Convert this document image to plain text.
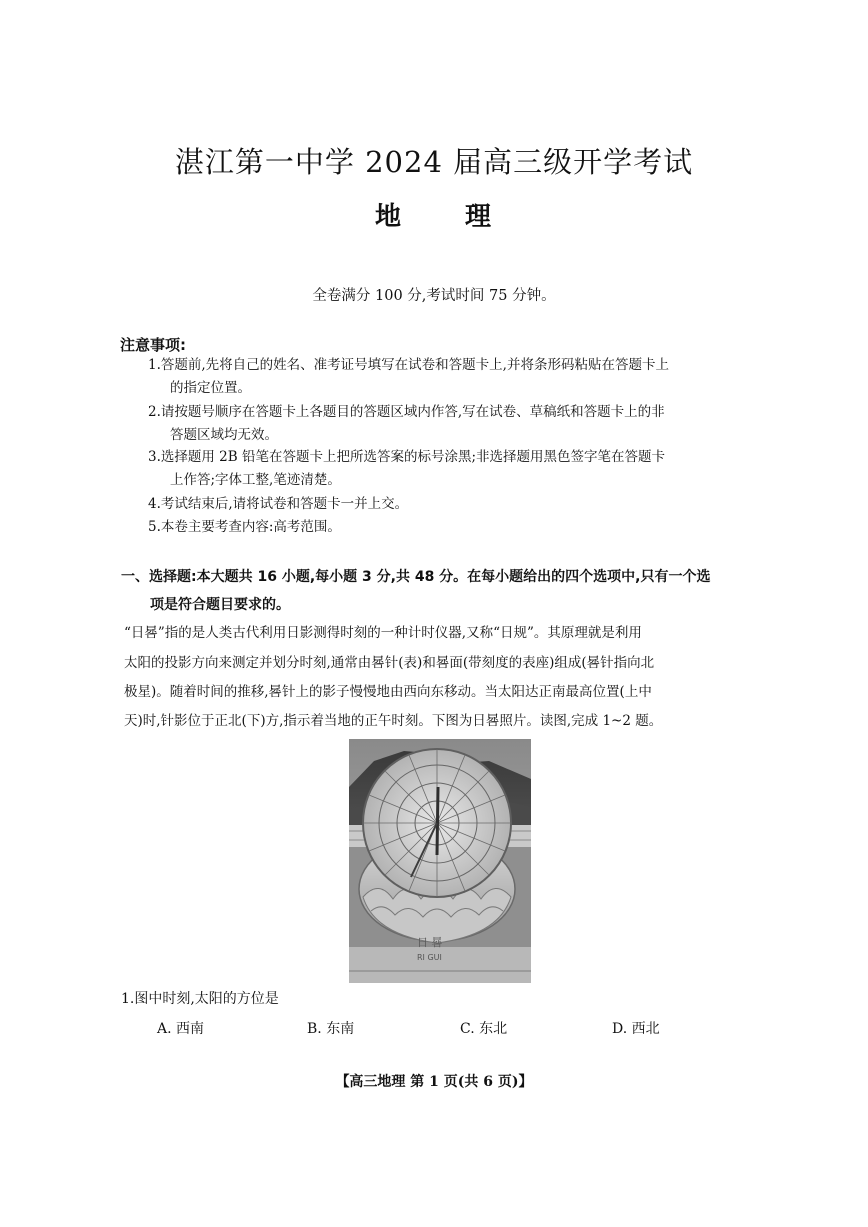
湛江第一中学 2024 届高三级开学考试
地 理
全卷满分 100 分,考试时间 75 分钟。
注意事项:
1.答题前,先将自己的姓名、准考证号填写在试卷和答题卡上,并将条形码粘贴在答题卡上
的指定位置。
2.请按题号顺序在答题卡上各题目的答题区域内作答,写在试卷、草稿纸和答题卡上的非
答题区域均无效。
3.选择题用 2B 铅笔在答题卡上把所选答案的标号涂黑;非选择题用黑色签字笔在答题卡
上作答;字体工整,笔迹清楚。
4.考试结束后,请将试卷和答题卡一并上交。
5.本卷主要考查内容:高考范围。
一、选择题:本大题共 16 小题,每小题 3 分,共 48 分。在每小题给出的四个选项中,只有一个选
项是符合题目要求的。
“日晷”指的是人类古代利用日影测得时刻的一种计时仪器,又称“日规”。其原理就是利用
太阳的投影方向来测定并划分时刻,通常由晷针(表)和晷面(带刻度的表座)组成(晷针指向北
极星)。随着时间的推移,晷针上的影子慢慢地由西向东移动。当太阳达正南最高位置(上中
天)时,针影位于正北(下)方,指示着当地的正午时刻。下图为日晷照片。读图,完成 1~2 题。
日 晷
RI GUI
1.图中时刻,太阳的方位是
A. 西南	B. 东南	C. 东北	D. 西北
【高三地理 第 1 页(共 6 页)】
